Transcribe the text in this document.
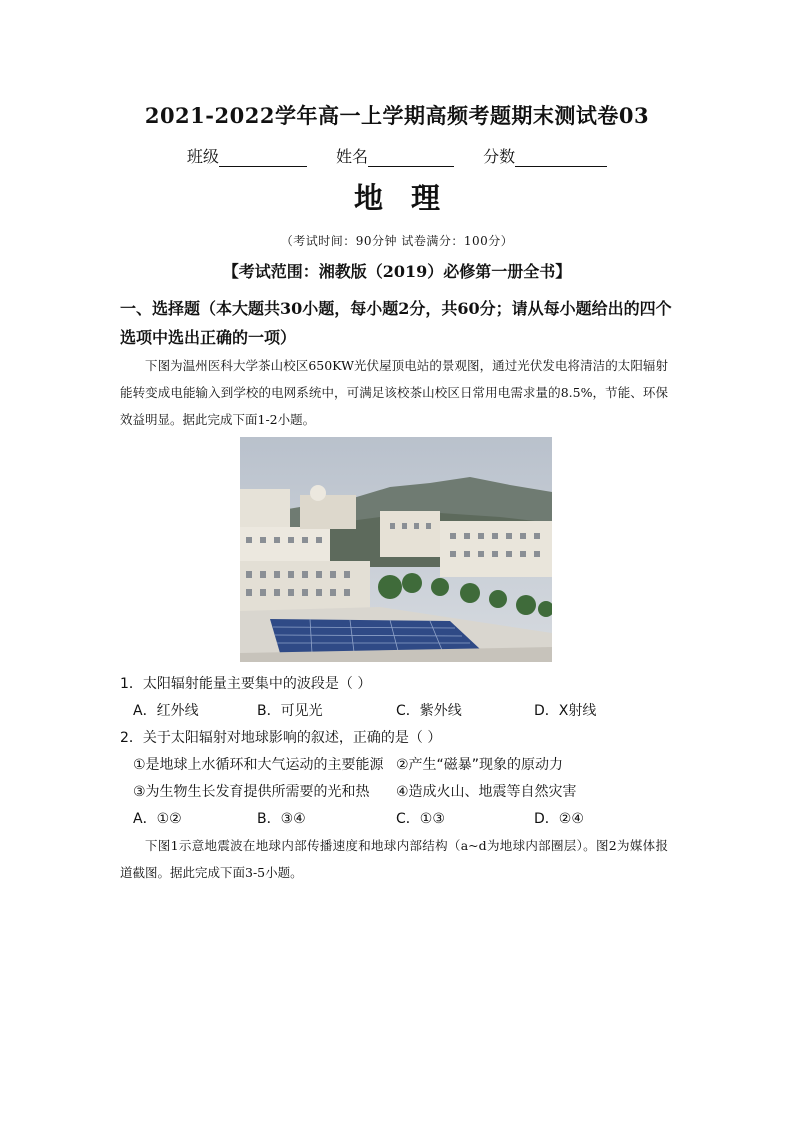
2021-2022学年高一上学期高频考题期末测试卷03
班级	姓名	分数
地理
（考试时间：90分钟 试卷满分：100分）
【考试范围：湘教版（2019）必修第一册全书】
一、选择题（本大题共30小题，每小题2分，共60分；请从每小题给出的四个选项中选出正确的一项）
下图为温州医科大学茶山校区650KW光伏屋顶电站的景观图，通过光伏发电将清洁的太阳辐射能转变成电能输入到学校的电网系统中，可满足该校茶山校区日常用电需求量的8.5%，节能、环保效益明显。据此完成下面1-2小题。
1．太阳辐射能量主要集中的波段是（ ）
A．红外线	B．可见光	C．紫外线	D．X射线
2．关于太阳辐射对地球影响的叙述，正确的是（ ）
①是地球上水循环和大气运动的主要能源 ②产生“磁暴”现象的原动力
③为生物生长发育提供所需要的光和热 ④造成火山、地震等自然灾害
A．①②	B．③④	C．①③	D．②④
下图1示意地震波在地球内部传播速度和地球内部结构（a~d为地球内部圈层）。图2为媒体报道截图。据此完成下面3-5小题。
